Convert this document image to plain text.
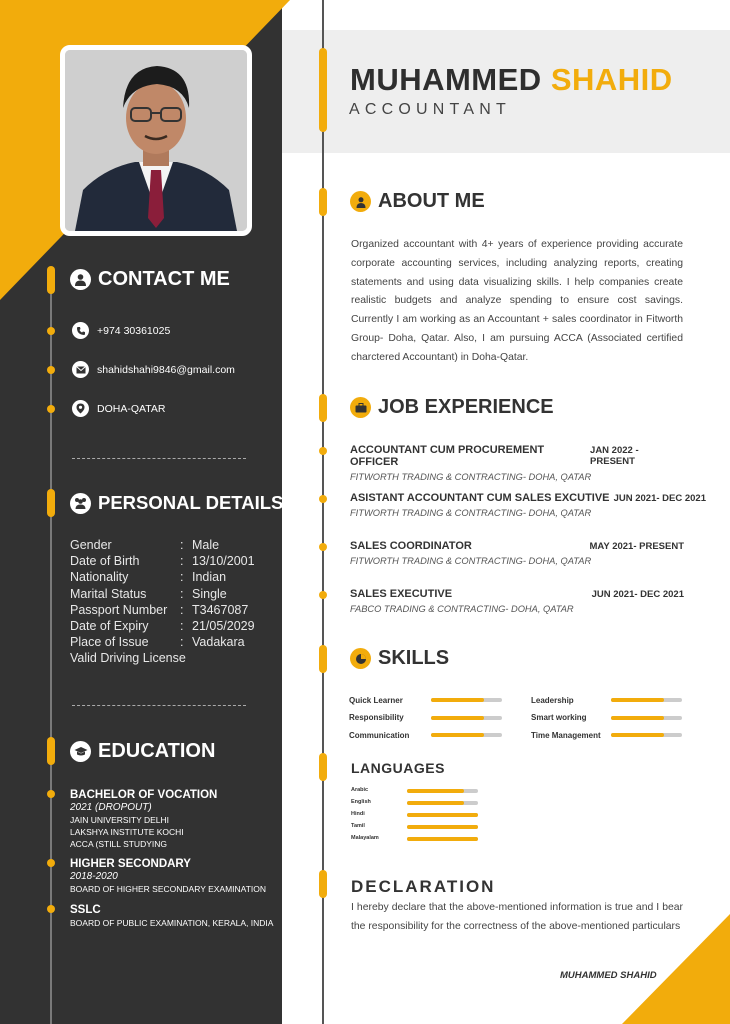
MUHAMMED SHAHID
ACCOUNTANT
CONTACT ME
+974 30361025
shahidshahi9846@gmail.com
DOHA-QATAR
PERSONAL DETAILS
Gender	: Male
Date of Birth	: 13/10/2001
Nationality	: Indian
Marital Status	: Single
Passport Number	: T3467087
Date of Expiry	: 21/05/2029
Place of Issue	: Vadakara
Valid Driving License
EDUCATION
BACHELOR OF VOCATION
2021 (DROPOUT)
JAIN UNIVERSITY DELHI
LAKSHYA INSTITUTE KOCHI
ACCA (STILL STUDYING
HIGHER SECONDARY
2018-2020
BOARD OF HIGHER SECONDARY EXAMINATION
SSLC
BOARD OF PUBLIC EXAMINATION, KERALA, INDIA
ABOUT ME
Organized accountant with 4+ years of experience providing accurate corporate accounting services, including analyzing reports, creating statements and using data visualizing skills. I help companies create realistic budgets and analyze spending to ensure cost savings. Currently I am working as an Accountant + sales coordinator in Fitworth Group- Doha, Qatar. Also, I am pursuing ACCA (Associated certified charctered Accountant) in Doha-Qatar.
JOB EXPERIENCE
ACCOUNTANT CUM PROCUREMENT OFFICER
JAN 2022 - PRESENT
FITWORTH TRADING & CONTRACTING- DOHA, QATAR
ASISTANT ACCOUNTANT CUM SALES EXCUTIVE JUN 2021- DEC 2021
FITWORTH TRADING & CONTRACTING- DOHA, QATAR
SALES COORDINATOR	MAY 2021- PRESENT
FITWORTH TRADING & CONTRACTING- DOHA, QATAR
SALES EXECUTIVE	JUN 2021- DEC 2021
FABCO TRADING & CONTRACTING- DOHA, QATAR
SKILLS
Quick Learner
Responsibility
Communication
Leadership
Smart working
Time Management
LANGUAGES
Arabic
English
Hindi
Tamil
Malayalam
DECLARATION
I hereby declare that the above-mentioned information is true and I bear the responsibility for the correctness of the above-mentioned particulars
MUHAMMED SHAHID
